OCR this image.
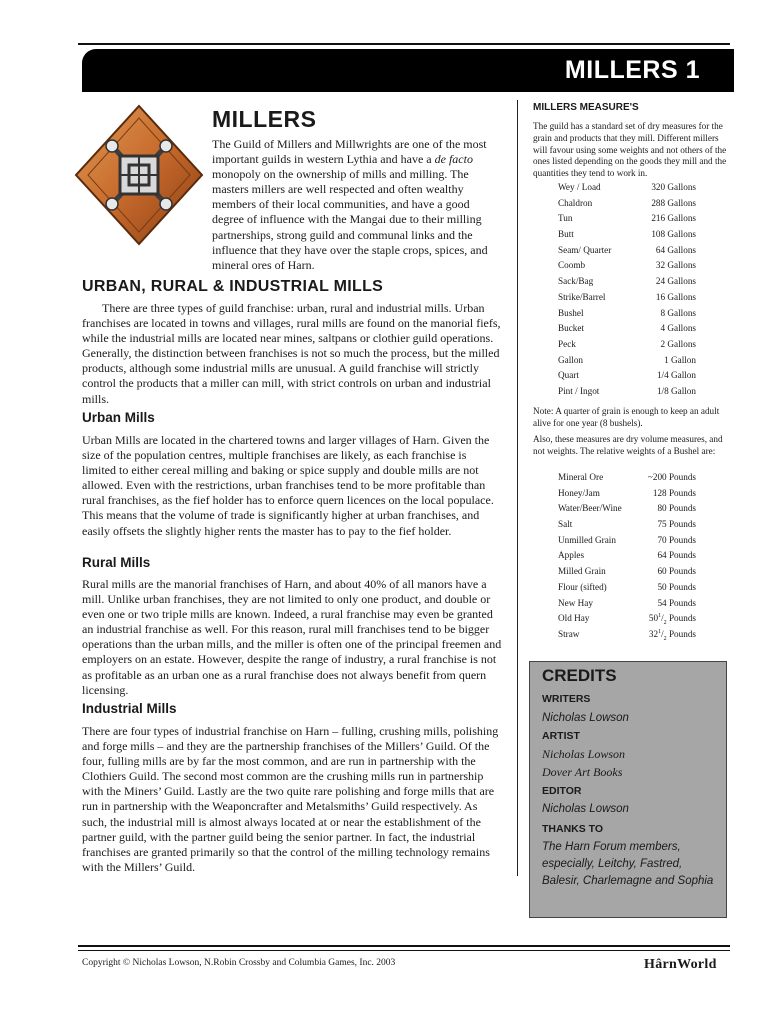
MILLERS 1
MILLERS

The Guild of Millers and Millwrights are one of the most important guilds in western Lythia and have a de facto monopoly on the ownership of mills and milling. The masters millers are well respected and often wealthy members of their local communities, and have a good degree of influence with the Mangai due to their milling partnerships, strong guild and communal links and the influence that they have over the staple crops, spices, and mineral ores of Harn.

URBAN, RURAL & INDUSTRIAL MILLS

There are three types of guild franchise: urban, rural and industrial mills. Urban franchises are located in towns and villages, rural mills are found on the manorial fiefs, while the industrial mills are located near mines, saltpans or clothier guild operations. Generally, the distinction between franchises is not so much the process, but the milled products, although some industrial mills are unusual. A guild franchise will strictly control the products that a miller can mill, with strict controls on urban and industrial mills.

Urban Mills

Urban Mills are located in the chartered towns and larger villages of Harn. Given the size of the population centres, multiple franchises are likely, as each franchise is limited to either cereal milling and baking or spice supply and double mills are not allowed. Even with the restrictions, urban franchises tend to be more profitable than rural franchises, as the fief holder has to enforce quern licences on the local populace. This means that the volume of trade is significantly higher at urban franchises, and easily offsets the slightly higher rents the master has to pay to the fief holder.

Rural Mills

Rural mills are the manorial franchises of Harn, and about 40% of all manors have a mill. Unlike urban franchises, they are not limited to only one product, and double or even one or two triple mills are known. Indeed, a rural franchise may even be granted an industrial franchise as well. For this reason, rural mill franchises tend to be bigger operations than the urban mills, and the miller is often one of the principal freemen and employers on an estate. However, despite the range of industry, a rural franchise is not as profitable as an urban one as a rural franchise does not always benefit from quern licensing.

Industrial Mills

There are four types of industrial franchise on Harn – fulling, crushing mills, polishing and forge mills – and they are the partnership franchises of the Millers’ Guild. Of the four, fulling mills are by far the most common, and are run in partnership with the Clothiers Guild. The second most common are the crushing mills run in partnership with the Miners’ Guild. Lastly are the two quite rare polishing and forge mills that are run in partnership with the Weaponcrafter and Metalsmiths’ Guild respectively. As such, the industrial mill is almost always located at or near the establishment of the partner guild, with the partner guild being the senior partner. In fact, the industrial franchises are granted primarily so that the control of the milling technology remains with the Millers’ Guild.

MILLERS MEASURE'S

The guild has a standard set of dry measures for the grain and products that they mill. Different millers will favour using some weights and not others of the ones listed depending on the goods they mill and the quantities they tend to work in.

Wey / Load	320 Gallons
Chaldron	288 Gallons
Tun	216 Gallons
Butt	108 Gallons
Seam/ Quarter	64 Gallons
Coomb	32 Gallons
Sack/Bag	24 Gallons
Strike/Barrel	16 Gallons
Bushel	8 Gallons
Bucket	4 Gallons
Peck	2 Gallons
Gallon	1 Gallon
Quart	1/4 Gallon
Pint / Ingot	1/8 Gallon

Note: A quarter of grain is enough to keep an adult alive for one year (8 bushels).

Also, these measures are dry volume measures, and not weights. The relative weights of a Bushel are:

Mineral Ore	~200 Pounds
Honey/Jam	128 Pounds
Water/Beer/Wine	80 Pounds
Salt	75 Pounds
Unmilled Grain	70 Pounds
Apples	64 Pounds
Milled Grain	60 Pounds
Flour (sifted)	50 Pounds
New Hay	54 Pounds
Old Hay	$50^1/_2$ Pounds
Straw	$32^1/_2$ Pounds
CREDITS
WRITERS
Nicholas Lowson
ARTIST
Nicholas Lowson
Dover Art Books
EDITOR
Nicholas Lowson
THANKS TO
The Harn Forum members, especially, Leitchy, Fastred, Balesir, Charlemagne and Sophia
Copyright © Nicholas Lowson, N.Robin Crossby and Columbia Games, Inc. 2003	HârnWorld
